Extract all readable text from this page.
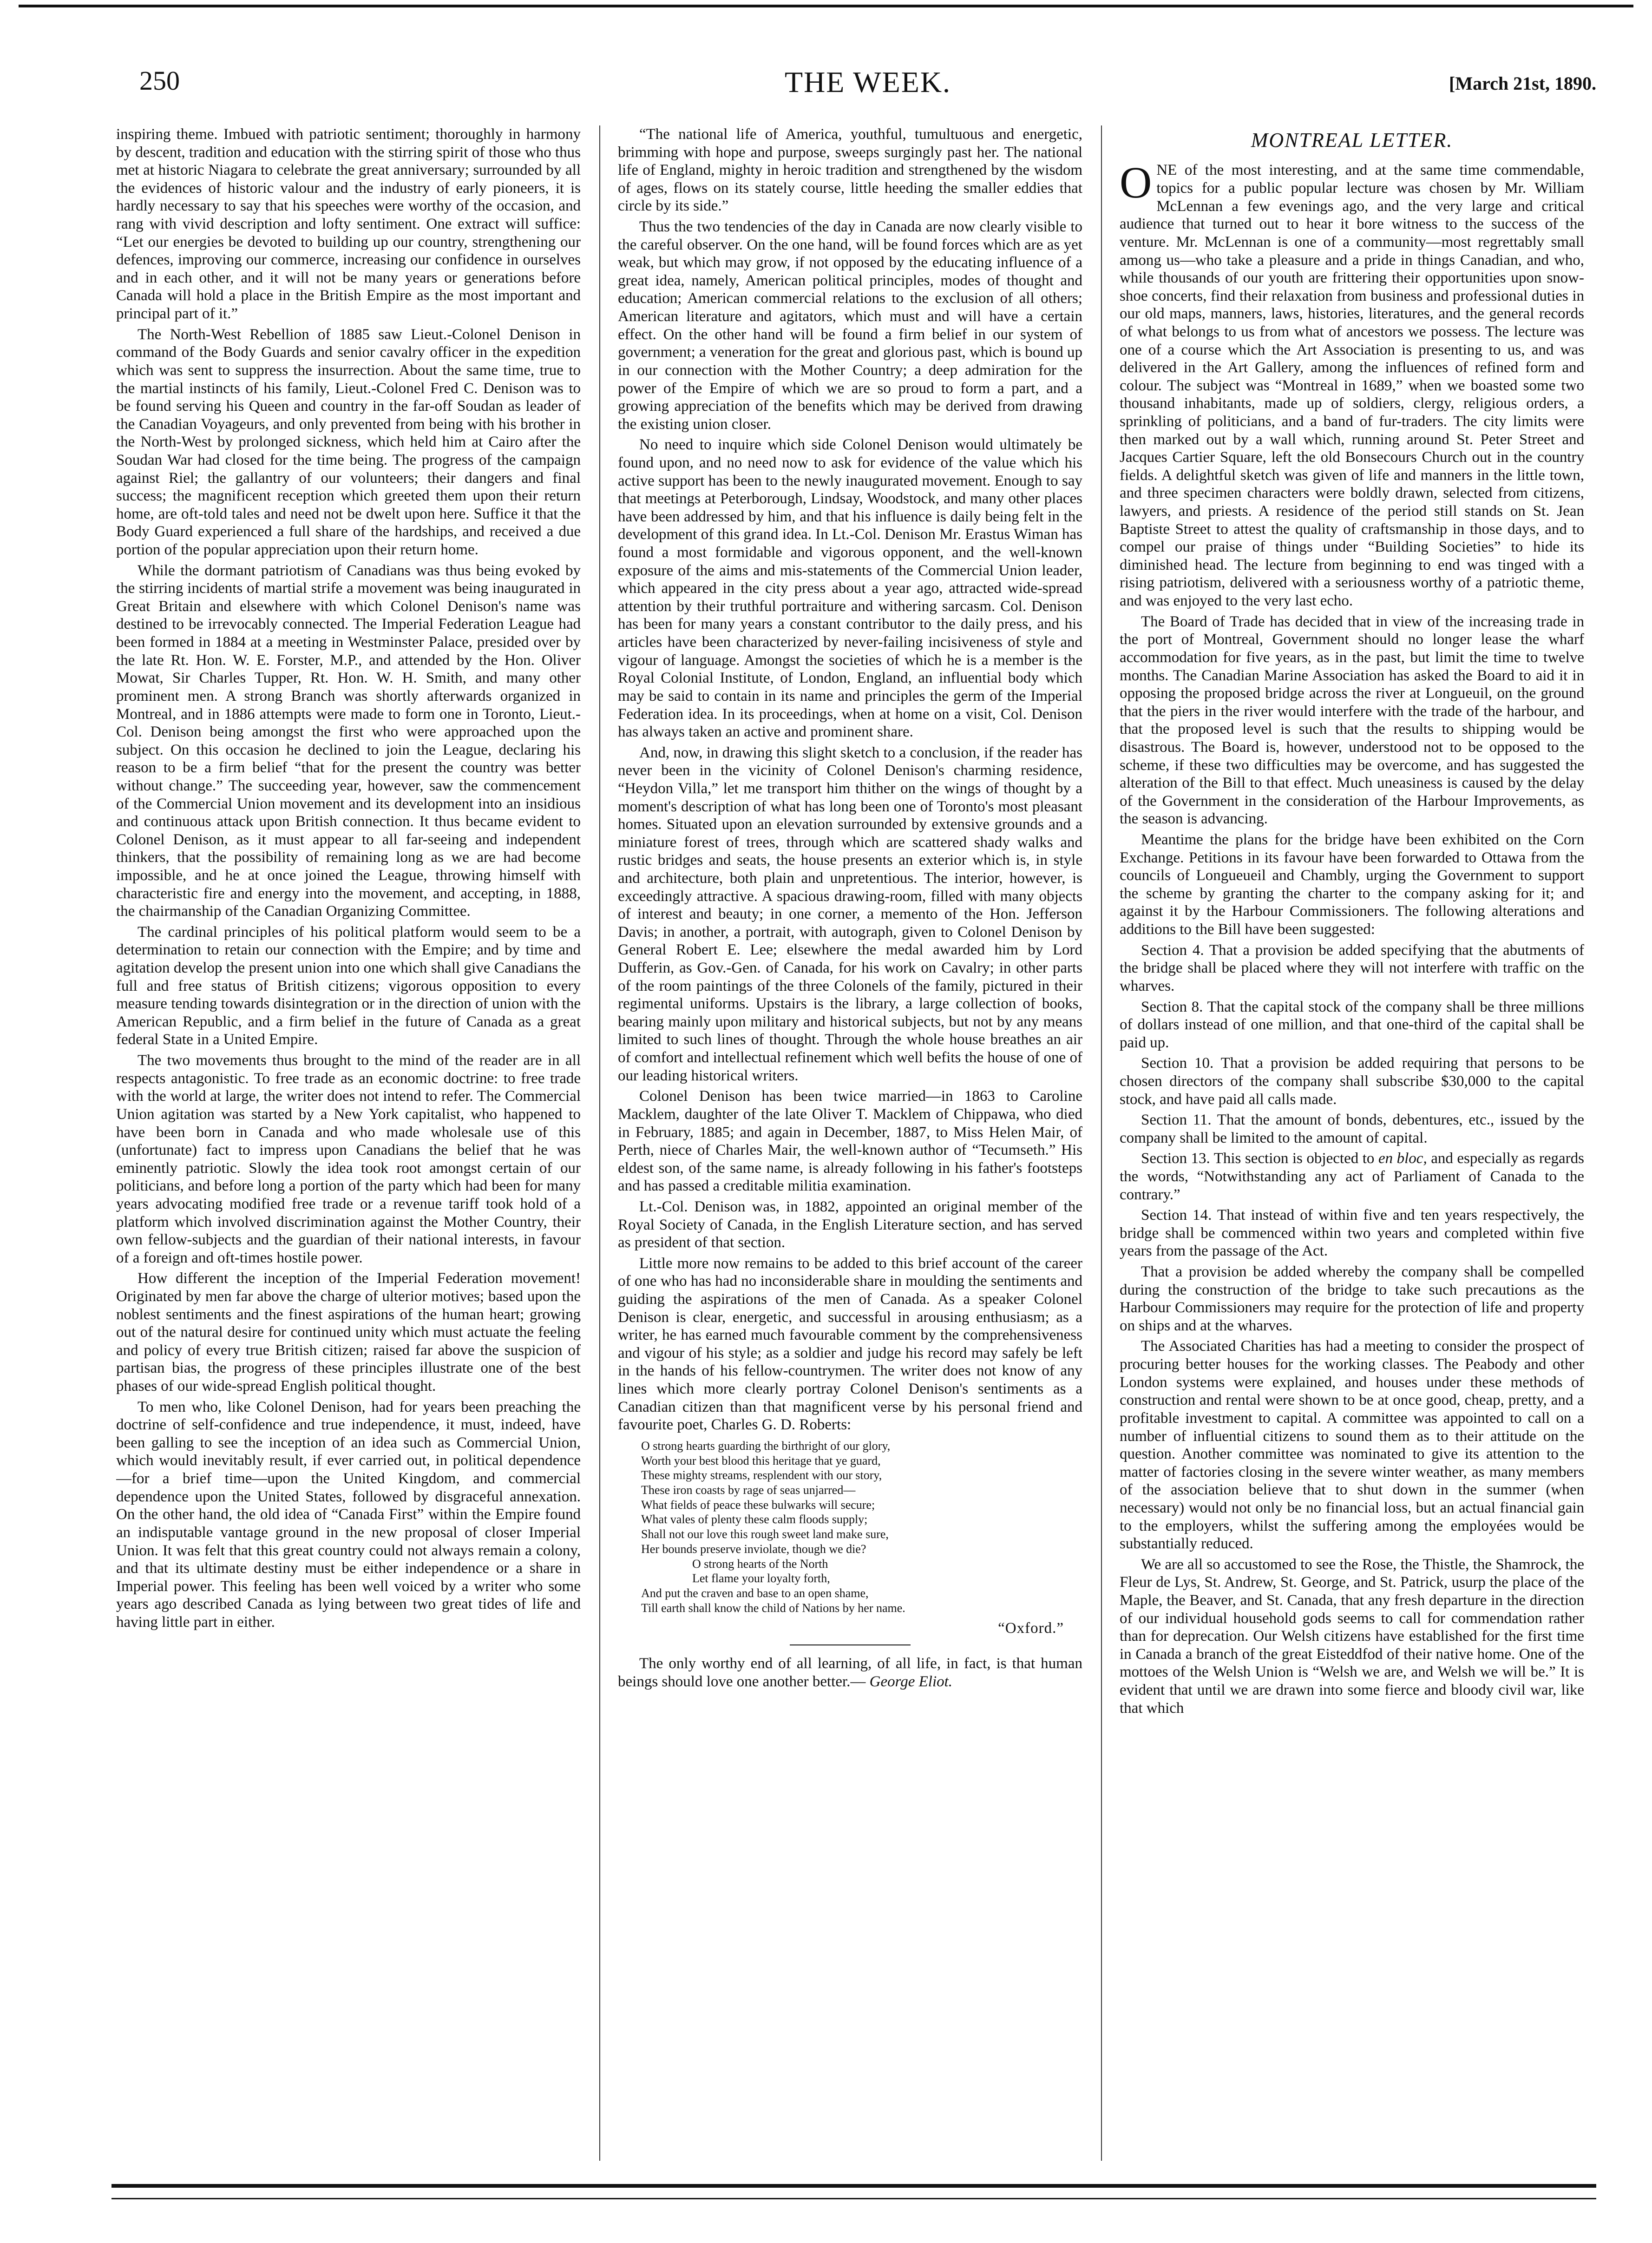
250	THE WEEK.	[March 21st, 1890.

inspiring theme. Imbued with patriotic sentiment; thoroughly in harmony by descent, tradition and education with the stirring spirit of those who thus met at historic Niagara to celebrate the great anniversary; surrounded by all the evidences of historic valour and the industry of early pioneers, it is hardly necessary to say that his speeches were worthy of the occasion, and rang with vivid description and lofty sentiment. One extract will suffice: “Let our energies be devoted to building up our country, strengthening our defences, improving our commerce, increasing our confidence in ourselves and in each other, and it will not be many years or generations before Canada will hold a place in the British Empire as the most important and principal part of it.”

The North-West Rebellion of 1885 saw Lieut.-Colonel Denison in command of the Body Guards and senior cavalry officer in the expedition which was sent to suppress the insurrection. About the same time, true to the martial instincts of his family, Lieut.-Colonel Fred C. Denison was to be found serving his Queen and country in the far-off Soudan as leader of the Canadian Voyageurs, and only prevented from being with his brother in the North-West by prolonged sickness, which held him at Cairo after the Soudan War had closed for the time being. The progress of the campaign against Riel; the gallantry of our volunteers; their dangers and final success; the magnificent reception which greeted them upon their return home, are oft-told tales and need not be dwelt upon here. Suffice it that the Body Guard experienced a full share of the hardships, and received a due portion of the popular appreciation upon their return home.

While the dormant patriotism of Canadians was thus being evoked by the stirring incidents of martial strife a movement was being inaugurated in Great Britain and elsewhere with which Colonel Denison's name was destined to be irrevocably connected. The Imperial Federation League had been formed in 1884 at a meeting in Westminster Palace, presided over by the late Rt. Hon. W. E. Forster, M.P., and attended by the Hon. Oliver Mowat, Sir Charles Tupper, Rt. Hon. W. H. Smith, and many other prominent men. A strong Branch was shortly afterwards organized in Montreal, and in 1886 attempts were made to form one in Toronto, Lieut.-Col. Denison being amongst the first who were approached upon the subject. On this occasion he declined to join the League, declaring his reason to be a firm belief “that for the present the country was better without change.” The succeeding year, however, saw the commencement of the Commercial Union movement and its development into an insidious and continuous attack upon British connection. It thus became evident to Colonel Denison, as it must appear to all far-seeing and independent thinkers, that the possibility of remaining long as we are had become impossible, and he at once joined the League, throwing himself with characteristic fire and energy into the movement, and accepting, in 1888, the chairmanship of the Canadian Organizing Committee.

The cardinal principles of his political platform would seem to be a determination to retain our connection with the Empire; and by time and agitation develop the present union into one which shall give Canadians the full and free status of British citizens; vigorous opposition to every measure tending towards disintegration or in the direction of union with the American Republic, and a firm belief in the future of Canada as a great federal State in a United Empire.

The two movements thus brought to the mind of the reader are in all respects antagonistic. To free trade as an economic doctrine: to free trade with the world at large, the writer does not intend to refer. The Commercial Union agitation was started by a New York capitalist, who happened to have been born in Canada and who made wholesale use of this (unfortunate) fact to impress upon Canadians the belief that he was eminently patriotic. Slowly the idea took root amongst certain of our politicians, and before long a portion of the party which had been for many years advocating modified free trade or a revenue tariff took hold of a platform which involved discrimination against the Mother Country, their own fellow-subjects and the guardian of their national interests, in favour of a foreign and oft-times hostile power.

How different the inception of the Imperial Federation movement! Originated by men far above the charge of ulterior motives; based upon the noblest sentiments and the finest aspirations of the human heart; growing out of the natural desire for continued unity which must actuate the feeling and policy of every true British citizen; raised far above the suspicion of partisan bias, the progress of these principles illustrate one of the best phases of our wide-spread English political thought.

To men who, like Colonel Denison, had for years been preaching the doctrine of self-confidence and true independence, it must, indeed, have been galling to see the inception of an idea such as Commercial Union, which would inevitably result, if ever carried out, in political dependence—for a brief time—upon the United Kingdom, and commercial dependence upon the United States, followed by disgraceful annexation. On the other hand, the old idea of “Canada First” within the Empire found an indisputable vantage ground in the new proposal of closer Imperial Union. It was felt that this great country could not always remain a colony, and that its ultimate destiny must be either independence or a share in Imperial power. This feeling has been well voiced by a writer who some years ago described Canada as lying between two great tides of life and having little part in either.

“The national life of America, youthful, tumultuous and energetic, brimming with hope and purpose, sweeps surgingly past her. The national life of England, mighty in heroic tradition and strengthened by the wisdom of ages, flows on its stately course, little heeding the smaller eddies that circle by its side.”

Thus the two tendencies of the day in Canada are now clearly visible to the careful observer. On the one hand, will be found forces which are as yet weak, but which may grow, if not opposed by the educating influence of a great idea, namely, American political principles, modes of thought and education; American commercial relations to the exclusion of all others; American literature and agitators, which must and will have a certain effect. On the other hand will be found a firm belief in our system of government; a veneration for the great and glorious past, which is bound up in our connection with the Mother Country; a deep admiration for the power of the Empire of which we are so proud to form a part, and a growing appreciation of the benefits which may be derived from drawing the existing union closer.

No need to inquire which side Colonel Denison would ultimately be found upon, and no need now to ask for evidence of the value which his active support has been to the newly inaugurated movement. Enough to say that meetings at Peterborough, Lindsay, Woodstock, and many other places have been addressed by him, and that his influence is daily being felt in the development of this grand idea. In Lt.-Col. Denison Mr. Erastus Wiman has found a most formidable and vigorous opponent, and the well-known exposure of the aims and mis-statements of the Commercial Union leader, which appeared in the city press about a year ago, attracted wide-spread attention by their truthful portraiture and withering sarcasm. Col. Denison has been for many years a constant contributor to the daily press, and his articles have been characterized by never-failing incisiveness of style and vigour of language. Amongst the societies of which he is a member is the Royal Colonial Institute, of London, England, an influential body which may be said to contain in its name and principles the germ of the Imperial Federation idea. In its proceedings, when at home on a visit, Col. Denison has always taken an active and prominent share.

And, now, in drawing this slight sketch to a conclusion, if the reader has never been in the vicinity of Colonel Denison's charming residence, “Heydon Villa,” let me transport him thither on the wings of thought by a moment's description of what has long been one of Toronto's most pleasant homes. Situated upon an elevation surrounded by extensive grounds and a miniature forest of trees, through which are scattered shady walks and rustic bridges and seats, the house presents an exterior which is, in style and architecture, both plain and unpretentious. The interior, however, is exceedingly attractive. A spacious drawing-room, filled with many objects of interest and beauty; in one corner, a memento of the Hon. Jefferson Davis; in another, a portrait, with autograph, given to Colonel Denison by General Robert E. Lee; elsewhere the medal awarded him by Lord Dufferin, as Gov.-Gen. of Canada, for his work on Cavalry; in other parts of the room paintings of the three Colonels of the family, pictured in their regimental uniforms. Upstairs is the library, a large collection of books, bearing mainly upon military and historical subjects, but not by any means limited to such lines of thought. Through the whole house breathes an air of comfort and intellectual refinement which well befits the house of one of our leading historical writers.

Colonel Denison has been twice married—in 1863 to Caroline Macklem, daughter of the late Oliver T. Macklem of Chippawa, who died in February, 1885; and again in December, 1887, to Miss Helen Mair, of Perth, niece of Charles Mair, the well-known author of “Tecumseth.” His eldest son, of the same name, is already following in his father's footsteps and has passed a creditable militia examination.

Lt.-Col. Denison was, in 1882, appointed an original member of the Royal Society of Canada, in the English Literature section, and has served as president of that section.

Little more now remains to be added to this brief account of the career of one who has had no inconsiderable share in moulding the sentiments and guiding the aspirations of the men of Canada. As a speaker Colonel Denison is clear, energetic, and successful in arousing enthusiasm; as a writer, he has earned much favourable comment by the comprehensiveness and vigour of his style; as a soldier and judge his record may safely be left in the hands of his fellow-countrymen. The writer does not know of any lines which more clearly portray Colonel Denison's sentiments as a Canadian citizen than that magnificent verse by his personal friend and favourite poet, Charles G. D. Roberts:

O strong hearts guarding the birthright of our glory,
Worth your best blood this heritage that ye guard,
These mighty streams, resplendent with our story,
These iron coasts by rage of seas unjarred—
What fields of peace these bulwarks will secure;
What vales of plenty these calm floods supply;
Shall not our love this rough sweet land make sure,
Her bounds preserve inviolate, though we die?
O strong hearts of the North
Let flame your loyalty forth,
And put the craven and base to an open shame,
Till earth shall know the child of Nations by her name.
“Oxford.”

The only worthy end of all learning, of all life, in fact, is that human beings should love one another better.— George Eliot.

MONTREAL LETTER.

ONE of the most interesting, and at the same time commendable, topics for a public popular lecture was chosen by Mr. William McLennan a few evenings ago, and the very large and critical audience that turned out to hear it bore witness to the success of the venture. Mr. McLennan is one of a community—most regrettably small among us—who take a pleasure and a pride in things Canadian, and who, while thousands of our youth are frittering their opportunities upon snow-shoe concerts, find their relaxation from business and professional duties in our old maps, manners, laws, histories, literatures, and the general records of what belongs to us from what of ancestors we possess. The lecture was one of a course which the Art Association is presenting to us, and was delivered in the Art Gallery, among the influences of refined form and colour. The subject was “Montreal in 1689,” when we boasted some two thousand inhabitants, made up of soldiers, clergy, religious orders, a sprinkling of politicians, and a band of fur-traders. The city limits were then marked out by a wall which, running around St. Peter Street and Jacques Cartier Square, left the old Bonsecours Church out in the country fields. A delightful sketch was given of life and manners in the little town, and three specimen characters were boldly drawn, selected from citizens, lawyers, and priests. A residence of the period still stands on St. Jean Baptiste Street to attest the quality of craftsmanship in those days, and to compel our praise of things under “Building Societies” to hide its diminished head. The lecture from beginning to end was tinged with a rising patriotism, delivered with a seriousness worthy of a patriotic theme, and was enjoyed to the very last echo.

The Board of Trade has decided that in view of the increasing trade in the port of Montreal, Government should no longer lease the wharf accommodation for five years, as in the past, but limit the time to twelve months. The Canadian Marine Association has asked the Board to aid it in opposing the proposed bridge across the river at Longueuil, on the ground that the piers in the river would interfere with the trade of the harbour, and that the proposed level is such that the results to shipping would be disastrous. The Board is, however, understood not to be opposed to the scheme, if these two difficulties may be overcome, and has suggested the alteration of the Bill to that effect. Much uneasiness is caused by the delay of the Government in the consideration of the Harbour Improvements, as the season is advancing.

Meantime the plans for the bridge have been exhibited on the Corn Exchange. Petitions in its favour have been forwarded to Ottawa from the councils of Longueueil and Chambly, urging the Government to support the scheme by granting the charter to the company asking for it; and against it by the Harbour Commissioners. The following alterations and additions to the Bill have been suggested:

Section 4. That a provision be added specifying that the abutments of the bridge shall be placed where they will not interfere with traffic on the wharves.

Section 8. That the capital stock of the company shall be three millions of dollars instead of one million, and that one-third of the capital shall be paid up.

Section 10. That a provision be added requiring that persons to be chosen directors of the company shall subscribe $30,000 to the capital stock, and have paid all calls made.

Section 11. That the amount of bonds, debentures, etc., issued by the company shall be limited to the amount of capital.

Section 13. This section is objected to en bloc, and especially as regards the words, “Notwithstanding any act of Parliament of Canada to the contrary.”

Section 14. That instead of within five and ten years respectively, the bridge shall be commenced within two years and completed within five years from the passage of the Act.

That a provision be added whereby the company shall be compelled during the construction of the bridge to take such precautions as the Harbour Commissioners may require for the protection of life and property on ships and at the wharves.

The Associated Charities has had a meeting to consider the prospect of procuring better houses for the working classes. The Peabody and other London systems were explained, and houses under these methods of construction and rental were shown to be at once good, cheap, pretty, and a profitable investment to capital. A committee was appointed to call on a number of influential citizens to sound them as to their attitude on the question. Another committee was nominated to give its attention to the matter of factories closing in the severe winter weather, as many members of the association believe that to shut down in the summer (when necessary) would not only be no financial loss, but an actual financial gain to the employers, whilst the suffering among the employées would be substantially reduced.

We are all so accustomed to see the Rose, the Thistle, the Shamrock, the Fleur de Lys, St. Andrew, St. George, and St. Patrick, usurp the place of the Maple, the Beaver, and St. Canada, that any fresh departure in the direction of our individual household gods seems to call for commendation rather than for deprecation. Our Welsh citizens have established for the first time in Canada a branch of the great Eisteddfod of their native home. One of the mottoes of the Welsh Union is “Welsh we are, and Welsh we will be.” It is evident that until we are drawn into some fierce and bloody civil war, like that which
